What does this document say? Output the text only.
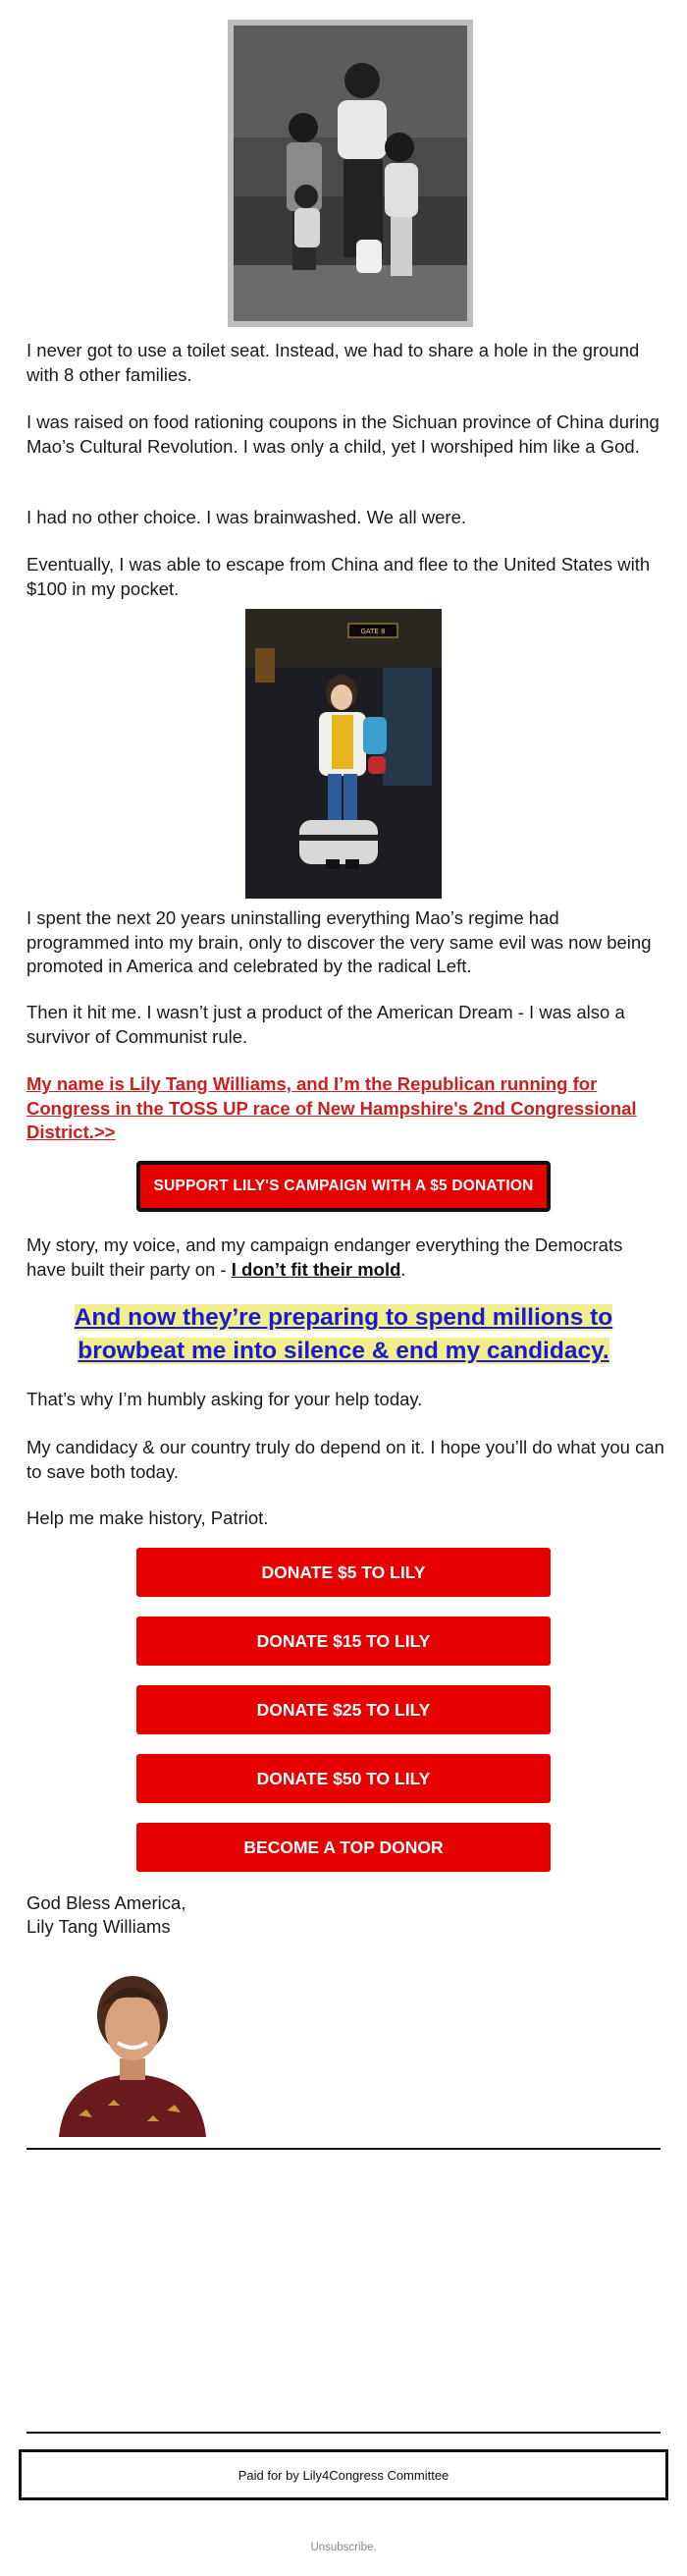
I never got to use a toilet seat. Instead, we had to share a hole in the ground with 8 other families.

I was raised on food rationing coupons in the Sichuan province of China during Mao’s Cultural Revolution. I was only a child, yet I worshiped him like a God.

I had no other choice. I was brainwashed. We all were.

Eventually, I was able to escape from China and flee to the United States with $100 in my pocket.

GATE 8

I spent the next 20 years uninstalling everything Mao’s regime had programmed into my brain, only to discover the very same evil was now being promoted in America and celebrated by the radical Left.

Then it hit me. I wasn’t just a product of the American Dream - I was also a survivor of Communist rule.

My name is Lily Tang Williams, and I’m the Republican running for Congress in the TOSS UP race of New Hampshire's 2nd Congressional District.>>
SUPPORT LILY'S CAMPAIGN WITH A $5 DONATION

My story, my voice, and my campaign endanger everything the Democrats have built their party on - I don’t fit their mold.

And now they’re preparing to spend millions to browbeat me into silence & end my candidacy.

That’s why I’m humbly asking for your help today.

My candidacy & our country truly do depend on it. I hope you’ll do what you can to save both today.

Help me make history, Patriot.

DONATE $5 TO LILY
DONATE $15 TO LILY
DONATE $25 TO LILY
DONATE $50 TO LILY
BECOME A TOP DONOR

God Bless America,

Lily Tang Williams

Paid for by Lily4Congress Committee
Unsubscribe.
